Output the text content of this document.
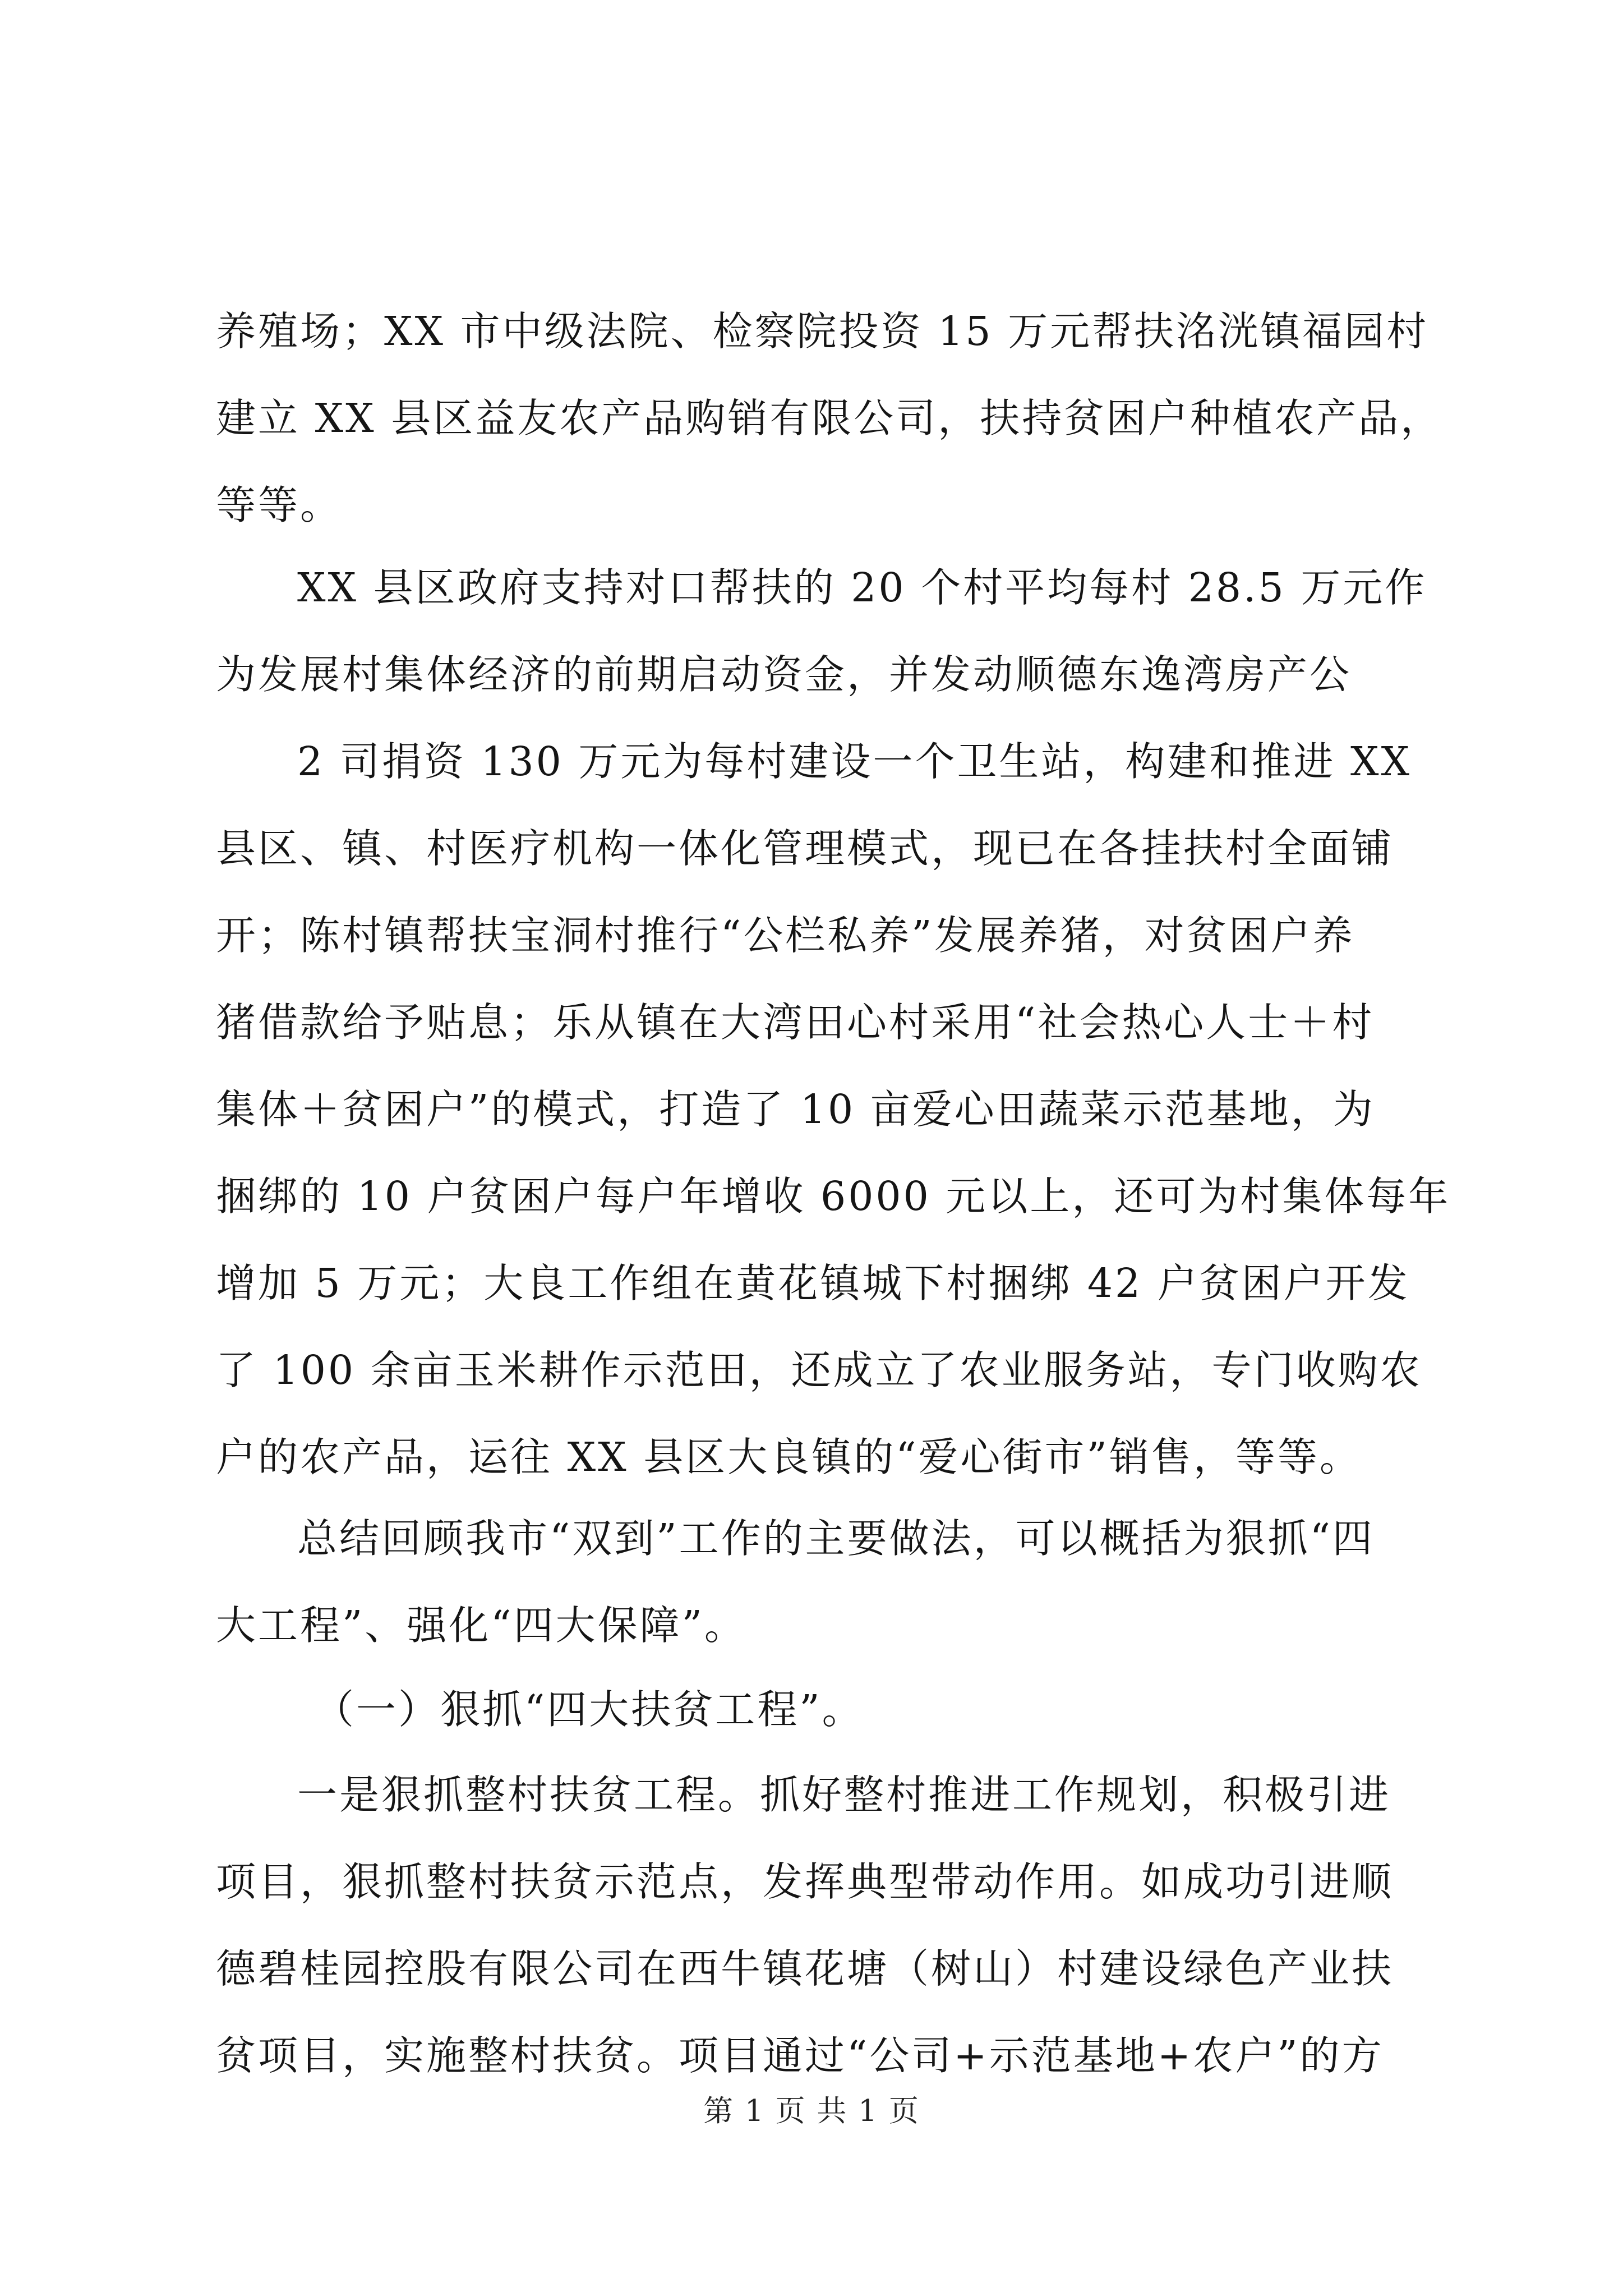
养殖场；XX 市中级法院、检察院投资 15 万元帮扶洺洸镇福园村
建立 XX 县区益友农产品购销有限公司，扶持贫困户种植农产品，
等等。
XX 县区政府支持对口帮扶的 20 个村平均每村 28.5 万元作
为发展村集体经济的前期启动资金，并发动顺德东逸湾房产公
2 司捐资 130 万元为每村建设一个卫生站，构建和推进 XX
县区、镇、村医疗机构一体化管理模式，现已在各挂扶村全面铺
开；陈村镇帮扶宝洞村推行“公栏私养”发展养猪，对贫困户养
猪借款给予贴息；乐从镇在大湾田心村采用“社会热心人士＋村
集体＋贫困户”的模式，打造了 10 亩爱心田蔬菜示范基地，为
捆绑的 10 户贫困户每户年增收 6000 元以上，还可为村集体每年
增加 5 万元；大良工作组在黄花镇城下村捆绑 42 户贫困户开发
了 100 余亩玉米耕作示范田，还成立了农业服务站，专门收购农
户的农产品，运往 XX 县区大良镇的“爱心街市”销售，等等。
总结回顾我市“双到”工作的主要做法，可以概括为狠抓“四
大工程”、强化“四大保障”。
（一）狠抓“四大扶贫工程”。
一是狠抓整村扶贫工程。抓好整村推进工作规划，积极引进
项目，狠抓整村扶贫示范点，发挥典型带动作用。如成功引进顺
德碧桂园控股有限公司在西牛镇花塘（树山）村建设绿色产业扶
贫项目，实施整村扶贫。项目通过“公司+示范基地+农户”的方
第 1 页 共 1 页
